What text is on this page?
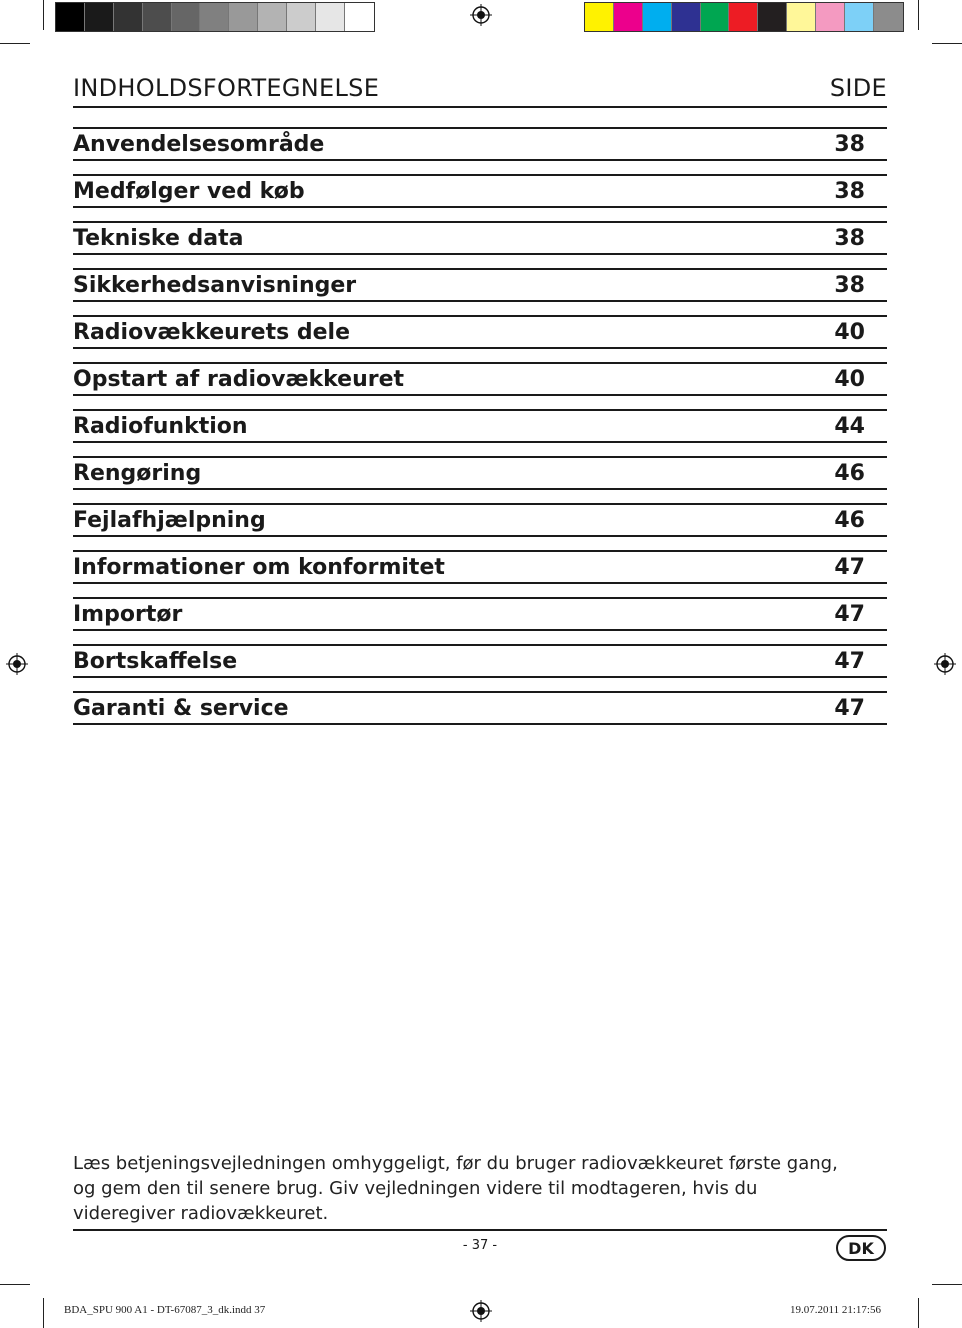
INDHOLDSFORTEGNELSE	SIDE
Anvendelsesområde	38
Medfølger ved køb	38
Tekniske data	38
Sikkerhedsanvisninger	38
Radiovækkeurets dele	40
Opstart af radiovækkeuret	40
Radiofunktion	44
Rengøring	46
Fejlafhjælpning	46
Informationer om konformitet	47
Importør	47
Bortskaffelse	47
Garanti & service	47
Læs betjeningsvejledningen omhyggeligt, før du bruger radiovækkeuret første gang, og gem den til senere brug. Giv vejledningen videre til modtageren, hvis du videregiver radiovækkeuret.
- 37 -	DK
BDA_SPU 900 A1 - DT-67087_3_dk.indd 37	19.07.2011 21:17:56
